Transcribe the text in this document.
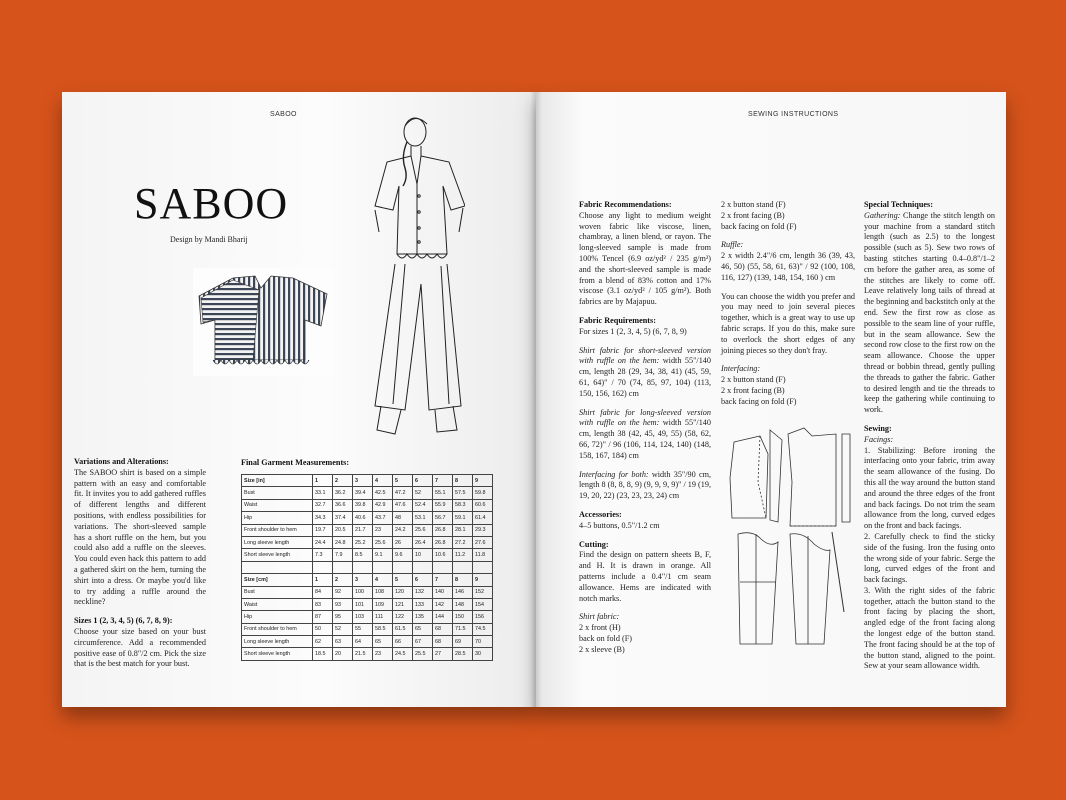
SABOO
SABOO
Design by Mandi Bharij
Variations and Alterations:

The SABOO shirt is based on a simple pattern with an easy and comfortable fit. It invites you to add gathered ruffles of different lengths and different positions, with endless possibilities for variations. The short-sleeved sample has a short ruffle on the hem, but you could also add a ruffle on the sleeves. You could even hack this pattern to add a gathered skirt on the hem, turning the shirt into a dress. Or maybe you'd like to try adding a ruffle around the neckline?

Sizes 1 (2, 3, 4, 5) (6, 7, 8, 9):

Choose your size based on your bust circumference. Add a recommended positive ease of 0.8"/2 cm. Pick the size that is the best match for your bust.

Final Garment Measurements:
Size [in]	1	2	3	4	5	6	7	8	9
Bust	33.1	36.2	39.4	42.5	47.2	52	55.1	57.5	59.8
Waist	32.7	36.6	39.8	42.9	47.6	52.4	55.9	58.3	60.6
Hip	34.3	37.4	40.6	43.7	48	53.1	56.7	59.1	61.4
Front shoulder to hem	19.7	20.5	21.7	23	24.2	25.6	26.8	28.1	29.3
Long sleeve length	24.4	24.8	25.2	25.6	26	26.4	26.8	27.2	27.6
Short sleeve length	7.3	7.9	8.5	9.1	9.6	10	10.6	11.2	11.8

Size [cm]	1	2	3	4	5	6	7	8	9
Bust	84	92	100	108	120	132	140	146	152
Waist	83	93	101	109	121	133	142	148	154
Hip	87	95	103	111	122	135	144	150	156
Front shoulder to hem	50	52	55	58.5	61.5	65	68	71.5	74.5
Long sleeve length	62	63	64	65	66	67	68	69	70
Short sleeve length	18.5	20	21.5	23	24.5	25.5	27	28.5	30
SEWING INSTRUCTIONS
Fabric Recommendations:

Choose any light to medium weight woven fabric like viscose, linen, chambray, a linen blend, or rayon. The long-sleeved sample is made from 100% Tencel (6.9 oz/yd² / 235 g/m²) and the short-sleeved sample is made from a blend of 83% cotton and 17% viscose (3.1 oz/yd² / 105 g/m²). Both fabrics are by Majapuu.

Fabric Requirements:

For sizes 1 (2, 3, 4, 5) (6, 7, 8, 9)

Shirt fabric for short-sleeved version with ruffle on the hem: width 55"/140 cm, length 28 (29, 34, 38, 41) (45, 59, 61, 64)" / 70 (74, 85, 97, 104) (113, 150, 156, 162) cm

Shirt fabric for long-sleeved version with ruffle on the hem: width 55"/140 cm, length 38 (42, 45, 49, 55) (58, 62, 66, 72)" / 96 (106, 114, 124, 140) (148, 158, 167, 184) cm

Interfacing for both: width 35"/90 cm, length 8 (8, 8, 8, 9) (9, 9, 9, 9)" / 19 (19, 19, 20, 22) (23, 23, 23, 24) cm

Accessories:

4–5 buttons, 0.5"/1.2 cm

Cutting:

Find the design on pattern sheets B, F, and H. It is drawn in orange. All patterns include a 0.4"/1 cm seam allowance. Hems are indicated with notch marks.

Shirt fabric:
2 x front (H)
back on fold (F)
2 x sleeve (B)
2 x button stand (F)
2 x front facing (B)

back facing on fold (F)

Ruffle:

2 x width 2.4"/6 cm, length 36 (39, 43, 46, 50) (55, 58, 61, 63)" / 92 (100, 108, 116, 127) (139, 148, 154, 160 ) cm

You can choose the width you prefer and you may need to join several pieces together, which is a great way to use up fabric scraps. If you do this, make sure to overlock the short edges of any joining pieces so they don't fray.

Interfacing:
2 x button stand (F)
2 x front facing (B)
back facing on fold (F)
Special Techniques:

Gathering: Change the stitch length on your machine from a standard stitch length (such as 2.5) to the longest possible (such as 5). Sew two rows of basting stitches starting 0.4–0.8"/1–2 cm before the gather area, as some of the stitches are likely to come off. Leave relatively long tails of thread at the beginning and backstitch only at the end. Sew the first row as close as possible to the seam line of your ruffle, but in the seam allowance. Sew the second row close to the first row on the seam allowance. Choose the upper thread or bobbin thread, gently pulling the threads to gather the fabric. Gather to desired length and tie the threads to keep the gathering while continuing to work.

Sewing:
Facings:
1. Stabilizing: Before ironing the interfacing onto your fabric, trim away the seam allowance of the fusing. Do this all the way around the button stand and around the three edges of the front and back facings. Do not trim the seam allowance from the long, curved edges on the front and back facings.
2. Carefully check to find the sticky side of the fusing. Iron the fusing onto the wrong side of your fabric. Serge the long, curved edges of the front and back facings.
3. With the right sides of the fabric together, attach the button stand to the front facing by placing the short, angled edge of the front facing along the longest edge of the button stand. The front facing should be at the top of the button stand, aligned to the point. Sew at your seam allowance width.
